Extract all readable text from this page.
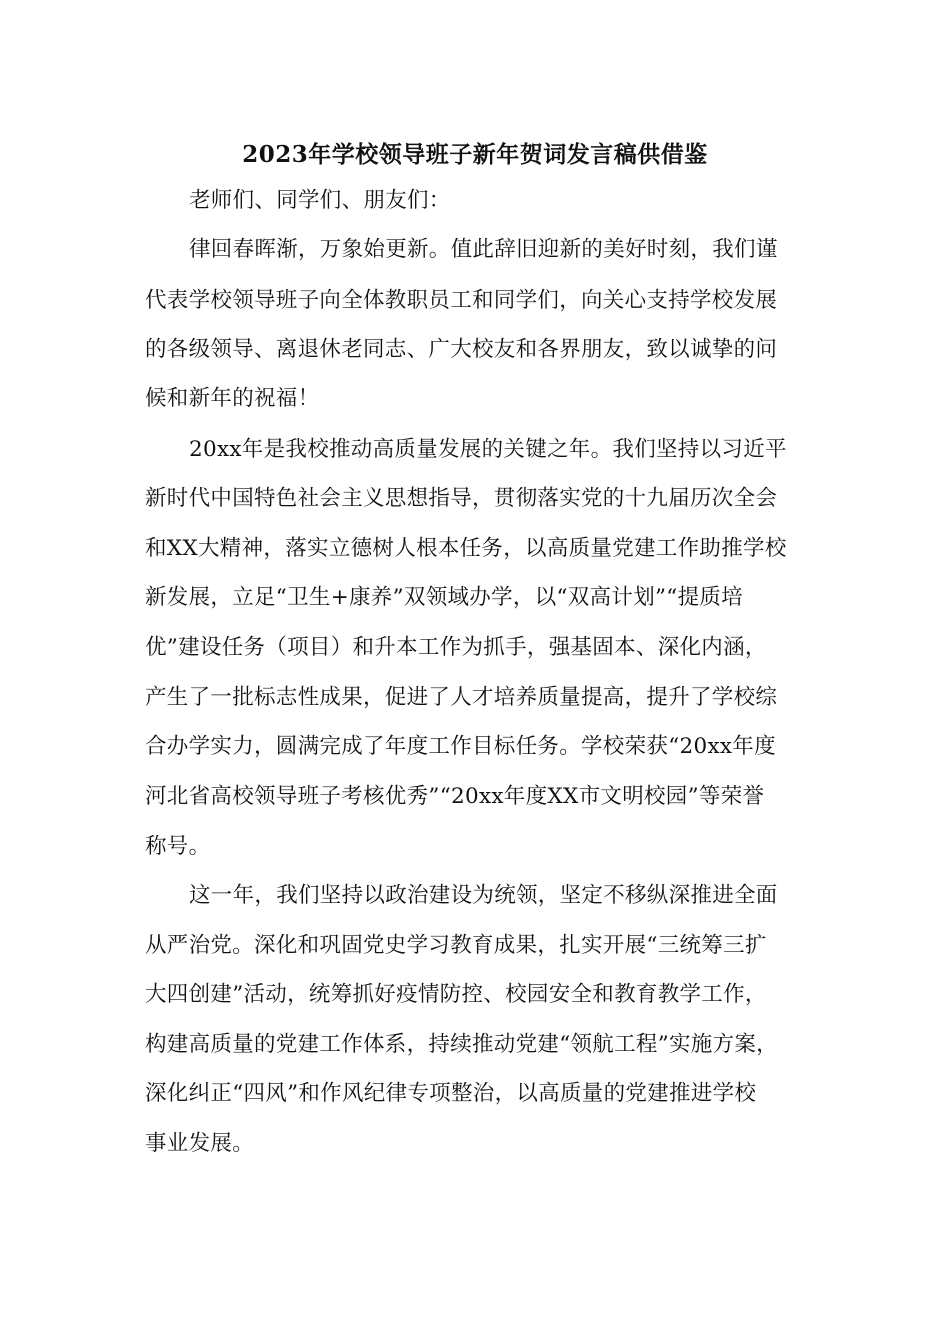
2023年学校领导班子新年贺词发言稿供借鉴
老师们、同学们、朋友们：
律回春晖渐，万象始更新。值此辞旧迎新的美好时刻，我们谨
代表学校领导班子向全体教职员工和同学们，向关心支持学校发展
的各级领导、离退休老同志、广大校友和各界朋友，致以诚挚的问
候和新年的祝福！
20xx年是我校推动高质量发展的关键之年。我们坚持以习近平
新时代中国特色社会主义思想指导，贯彻落实党的十九届历次全会
和XX大精神，落实立德树人根本任务，以高质量党建工作助推学校
新发展，立足“卫生+康养”双领域办学，以“双高计划”“提质培
优”建设任务（项目）和升本工作为抓手，强基固本、深化内涵，
产生了一批标志性成果，促进了人才培养质量提高，提升了学校综
合办学实力，圆满完成了年度工作目标任务。学校荣获“20xx年度
河北省高校领导班子考核优秀”“20xx年度XX市文明校园”等荣誉
称号。
这一年，我们坚持以政治建设为统领，坚定不移纵深推进全面
从严治党。深化和巩固党史学习教育成果，扎实开展“三统筹三扩
大四创建”活动，统筹抓好疫情防控、校园安全和教育教学工作，
构建高质量的党建工作体系，持续推动党建“领航工程”实施方案，
深化纠正“四风”和作风纪律专项整治，以高质量的党建推进学校
事业发展。
